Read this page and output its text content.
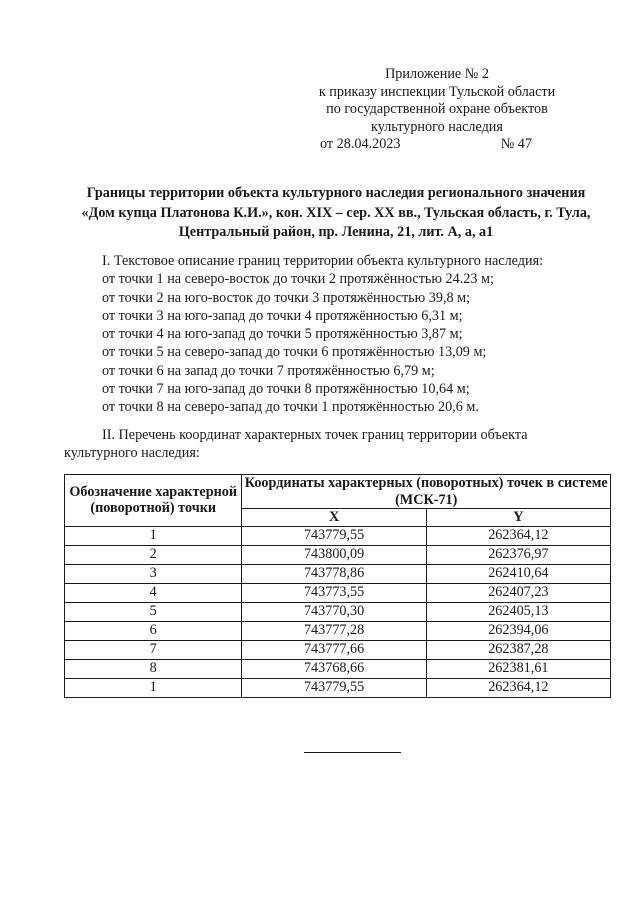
Приложение № 2
к приказу инспекции Тульской области
по государственной охране объектов
культурного наследия
от 28.04.2023	№ 47
Границы территории объекта культурного наследия регионального значения
«Дом купца Платонова К.И.», кон. XIX – сер. XX вв., Тульская область, г. Тула,
Центральный район, пр. Ленина, 21, лит. А, а, а1
I. Текстовое описание границ территории объекта культурного наследия:
от точки 1 на северо-восток до точки 2 протяжённостью 24.23 м;
от точки 2 на юго-восток до точки 3 протяжённостью 39,8 м;
от точки 3 на юго-запад до точки 4 протяжённостью 6,31 м;
от точки 4 на юго-запад до точки 5 протяжённостью 3,87 м;
от точки 5 на северо-запад до точки 6 протяжённостью 13,09 м;
от точки 6 на запад до точки 7 протяжённостью 6,79 м;
от точки 7 на юго-запад до точки 8 протяжённостью 10,64 м;
от точки 8 на северо-запад до точки 1 протяжённостью 20,6 м.
II. Перечень координат характерных точек границ территории объекта
культурного наследия:
Обозначение характерной (поворотной) точки	Координаты характерных (поворотных) точек в системе (МСК-71)	
	X	Y
1	743779,55	262364,12
2	743800,09	262376,97
3	743778,86	262410,64
4	743773,55	262407,23
5	743770,30	262405,13
6	743777,28	262394,06
7	743777,66	262387,28
8	743768,66	262381,61
1	743779,55	262364,12
